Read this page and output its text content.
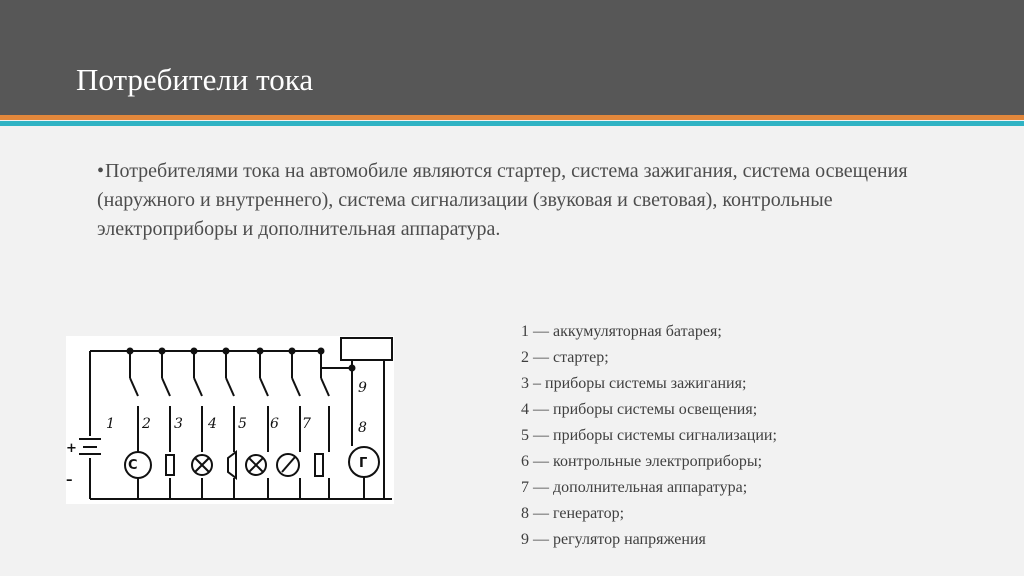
Потребители тока
•Потребителями тока на автомобиле являются стартер, система зажигания, система освещения (наружного и внутреннего), система сигнализации (звуковая и световая), контрольные электроприборы и дополнительная аппаратура.
1 — аккумуляторная батарея;
2 — стартер;
3 – приборы системы зажигания;
4 — приборы системы освещения;
5 — приборы системы сигнализации;
6 — контрольные электроприборы;
7 — дополнительная аппаратура;
8 — генератор;
9 — регулятор напряжения
1 2 3 4 5 6 7	8
9
+
–
С	Г
